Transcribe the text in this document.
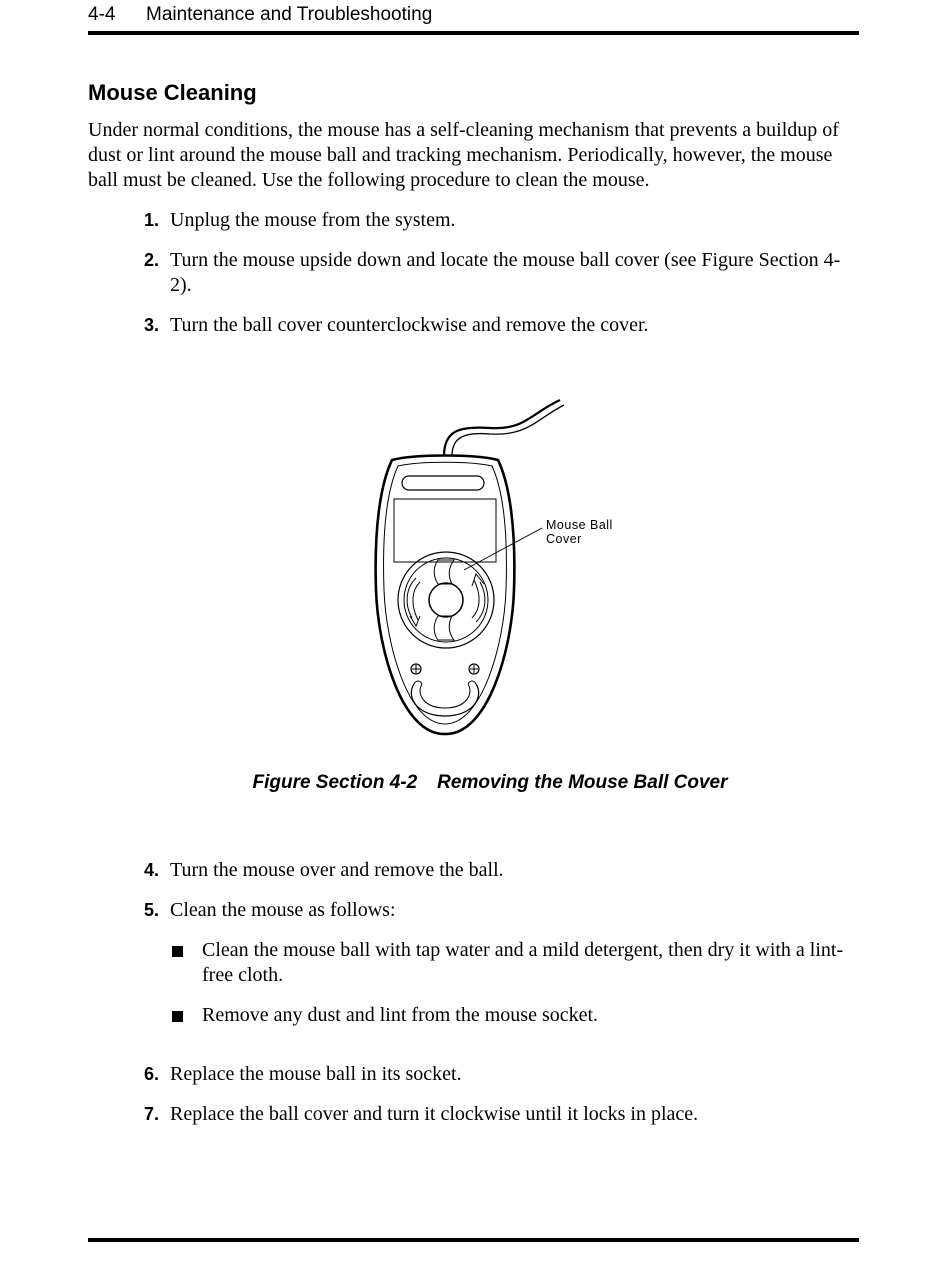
4-4 Maintenance and Troubleshooting
Mouse Cleaning
Under normal conditions, the mouse has a self-cleaning mechanism that prevents a buildup of dust or lint around the mouse ball and tracking mechanism. Periodically, however, the mouse ball must be cleaned. Use the following procedure to clean the mouse.
1. Unplug the mouse from the system.
2. Turn the mouse upside down and locate the mouse ball cover (see Figure Section 4-2).
3. Turn the ball cover counterclockwise and remove the cover.
Mouse Ball
Cover
Figure Section 4-2 Removing the Mouse Ball Cover
4. Turn the mouse over and remove the ball.
5. Clean the mouse as follows:
Clean the mouse ball with tap water and a mild detergent, then dry it with a lint-free cloth.
Remove any dust and lint from the mouse socket.
6. Replace the mouse ball in its socket.
7. Replace the ball cover and turn it clockwise until it locks in place.
